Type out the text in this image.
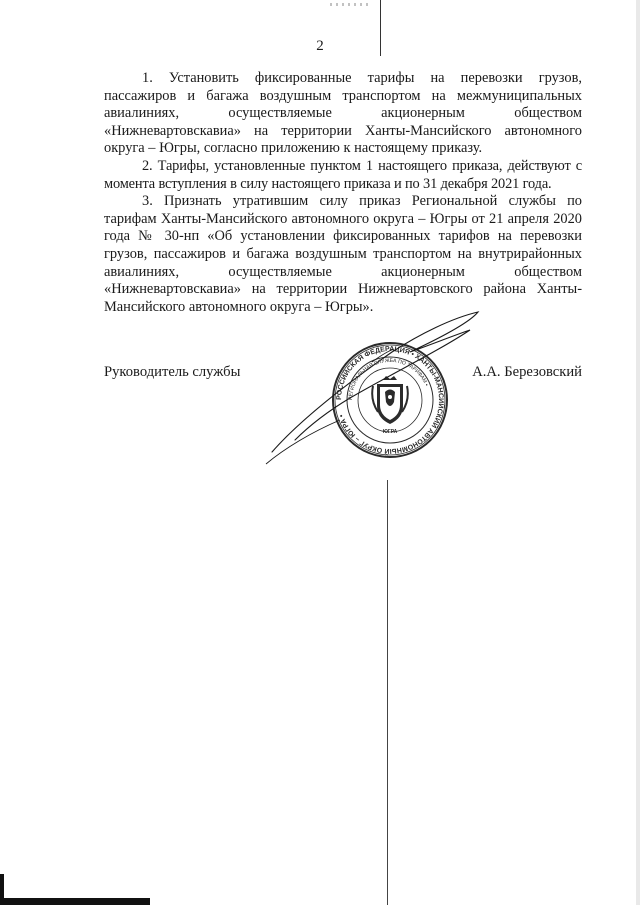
2

1. Установить фиксированные тарифы на перевозки грузов, пассажиров и багажа воздушным транспортом на межмуниципальных авиалиниях, осуществляемые акционерным обществом «Нижневартовскавиа» на территории Ханты-Мансийского автономного округа – Югры, согласно приложению к настоящему приказу.

2. Тарифы, установленные пунктом 1 настоящего приказа, действуют с момента вступления в силу настоящего приказа и по 31 декабря 2021 года.

3. Признать утратившим силу приказ Региональной службы по тарифам Ханты-Мансийского автономного округа – Югры от 21 апреля 2020 года № 30-нп «Об установлении фиксированных тарифов на перевозки грузов, пассажиров и багажа воздушным транспортом на внутрирайонных авиалиниях, осуществляемые акционерным обществом «Нижневартовскавиа» на территории Нижневартовского района Ханты-Мансийского автономного округа – Югры».

Руководитель службы	А.А. Березовский
РОССИЙСКАЯ ФЕДЕРАЦИЯ • ХАНТЫ-МАНСИЙСКИЙ АВТОНОМНЫЙ ОКРУГ – ЮГРА •
РЕГИОНАЛЬНАЯ СЛУЖБА ПО ТАРИФАМ •
ЮГРА
